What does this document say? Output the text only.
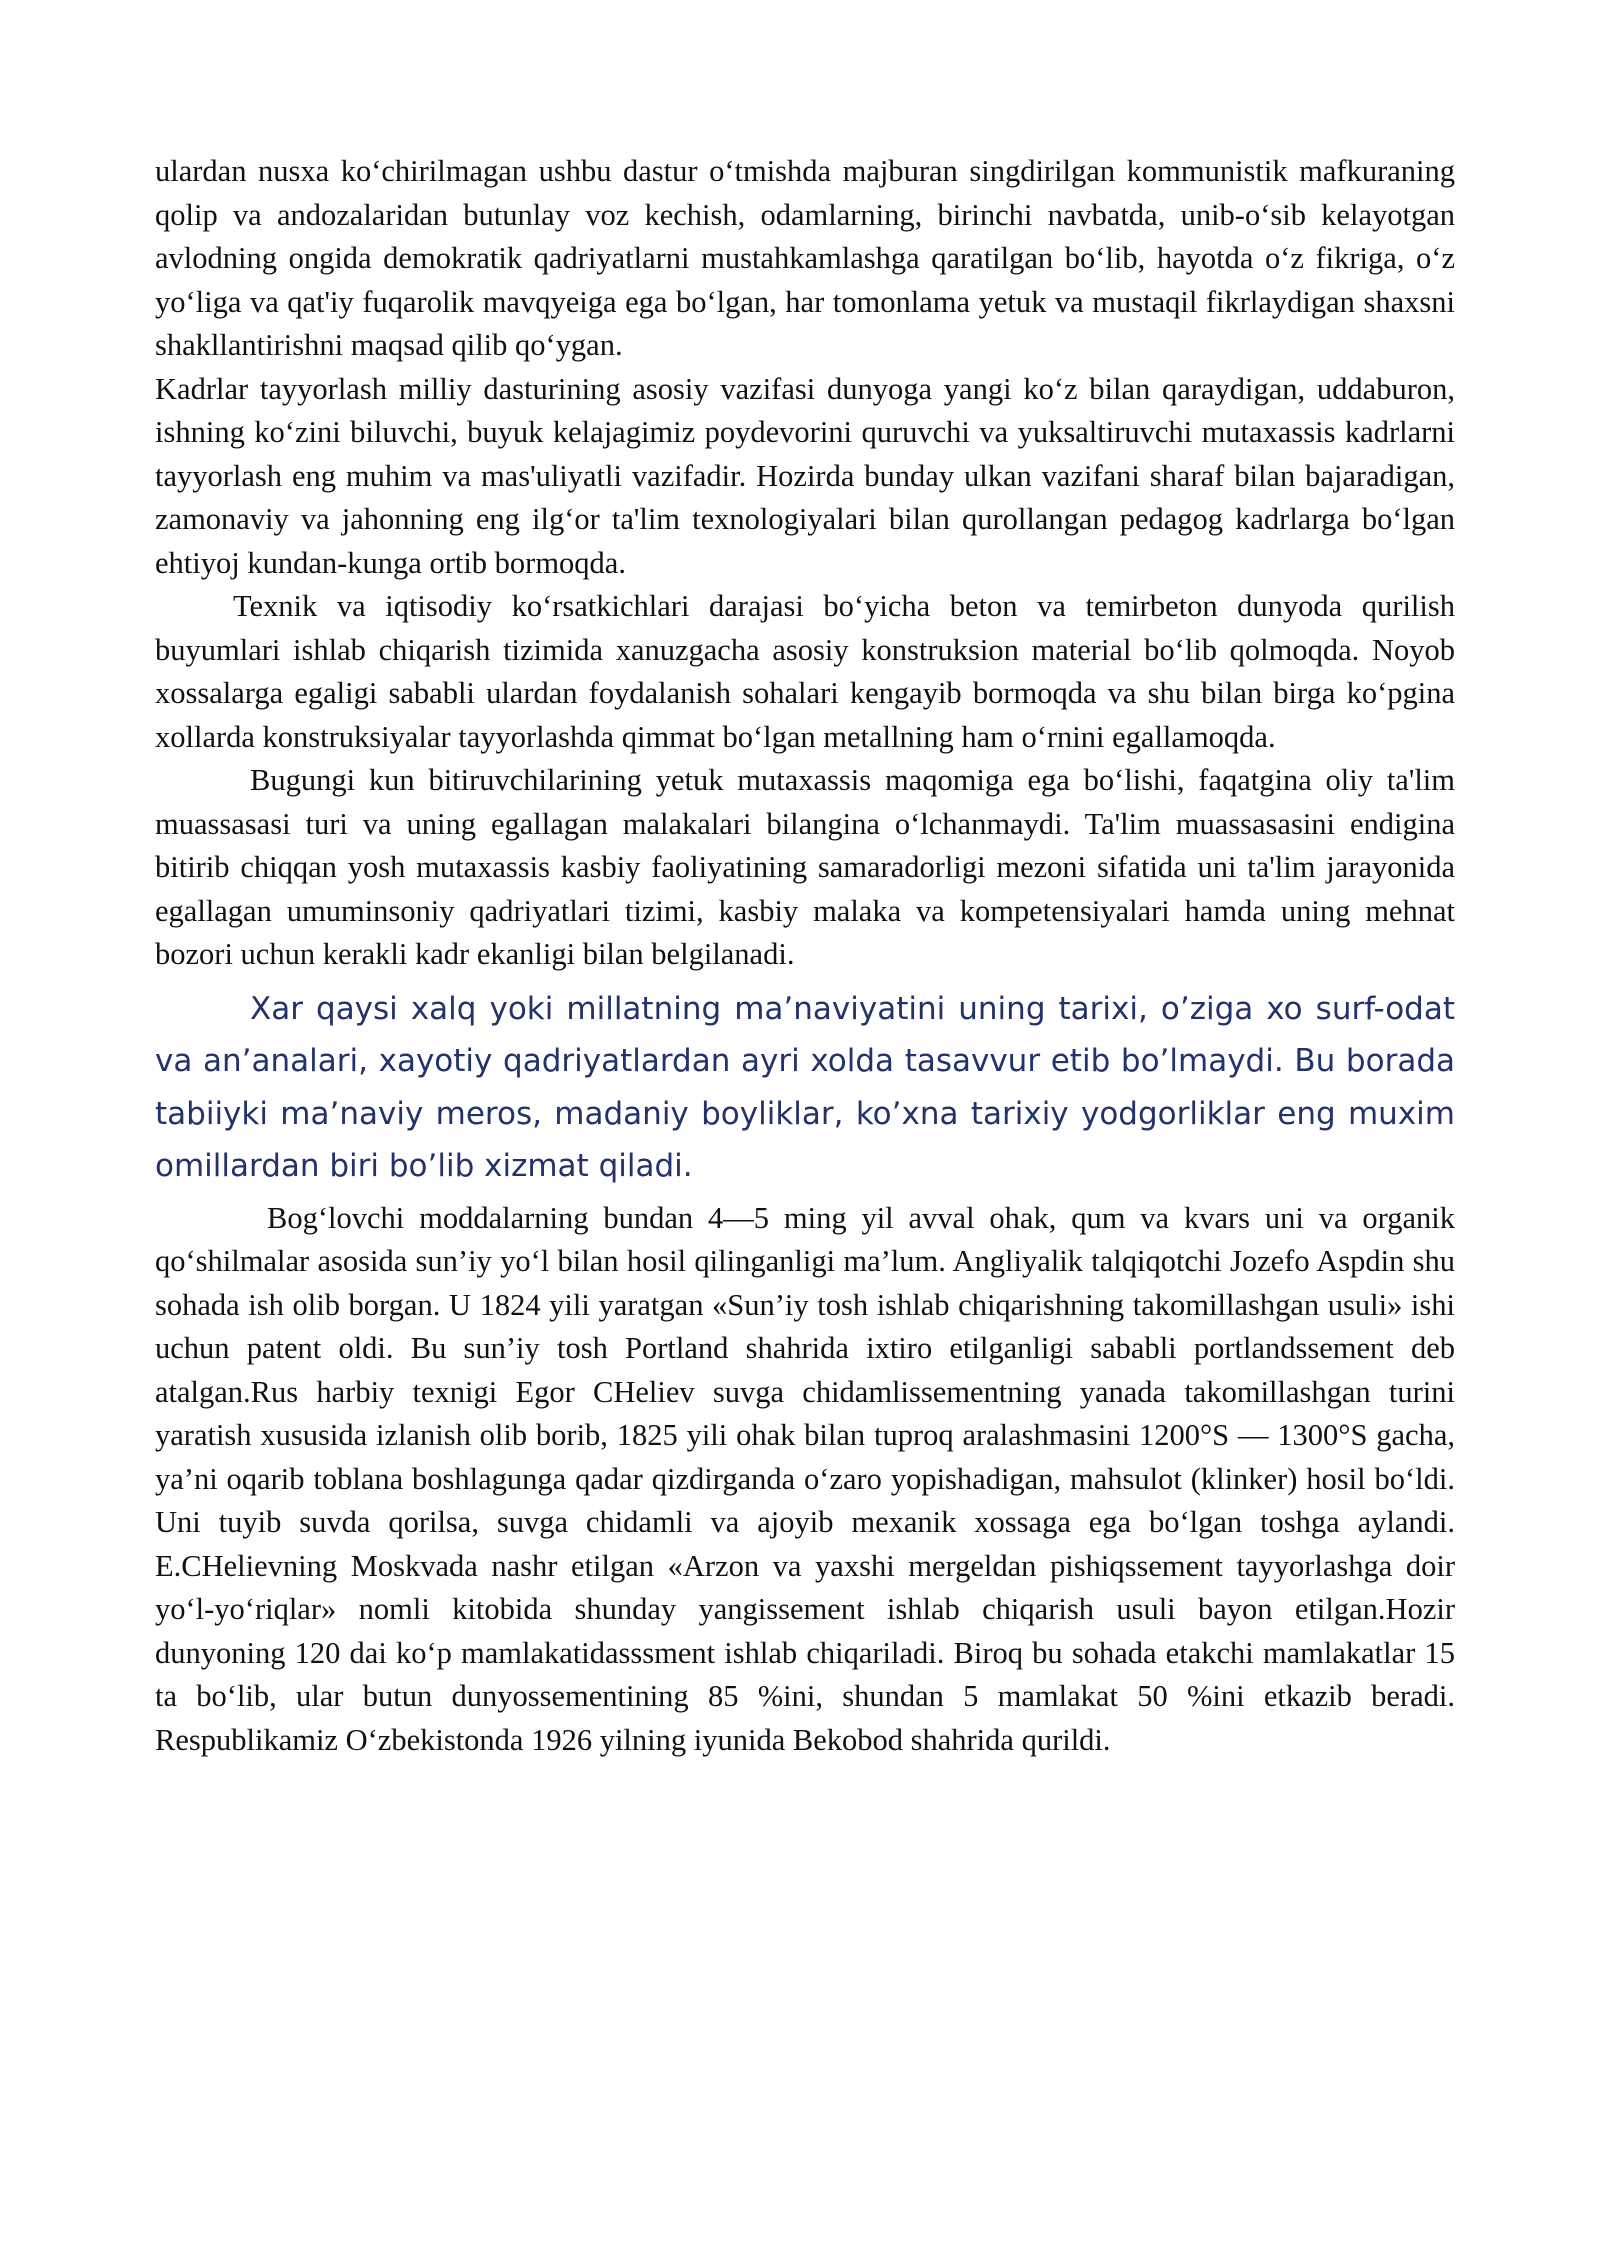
ulardan nusxa ko‘chirilmagan ushbu dastur o‘tmishda majburan singdirilgan kommunistik mafkuraning qolip va andozalaridan butunlay voz kechish, odamlarning, birinchi navbatda, unib-o‘sib kelayotgan avlodning ongida demokratik qadriyatlarni mustahkamlashga qaratilgan bo‘lib, hayotda o‘z fikriga, o‘z yo‘liga va qat'iy fuqarolik mavqyeiga ega bo‘lgan, har tomonlama yetuk va mustaqil fikrlaydigan shaxsni shakllantirishni maqsad qilib qo‘ygan.

Kadrlar tayyorlash milliy dasturining asosiy vazifasi dunyoga yangi ko‘z bilan qaraydigan, uddaburon, ishning ko‘zini biluvchi, buyuk kelajagimiz poydevorini quruvchi va yuksaltiruvchi mutaxassis kadrlarni tayyorlash eng muhim va mas'uliyatli vazifadir. Hozirda bunday ulkan vazifani sharaf bilan bajaradigan, zamonaviy va jahonning eng ilg‘or ta'lim texnologiyalari bilan qurollangan pedagog kadrlarga bo‘lgan ehtiyoj kundan-kunga ortib bormoqda.

Texnik va iqtisodiy ko‘rsatkichlari darajasi bo‘yicha beton va temirbeton dunyoda qurilish buyumlari ishlab chiqarish tizimida xanuzgacha asosiy konstruksion material bo‘lib qolmoqda. Noyob xossalarga egaligi sababli ulardan foydalanish sohalari kengayib bormoqda va shu bilan birga ko‘pgina xollarda konstruksiyalar tayyorlashda qimmat bo‘lgan metallning ham o‘rnini egallamoqda.

Bugungi kun bitiruvchilarining yetuk mutaxassis maqomiga ega bo‘lishi, faqatgina oliy ta'lim muassasasi turi va uning egallagan malakalari bilangina o‘lchanmaydi. Ta'lim muassasasini endigina bitirib chiqqan yosh mutaxassis kasbiy faoliyatining samaradorligi mezoni sifatida uni ta'lim jarayonida egallagan umuminsoniy qadriyatlari tizimi, kasbiy malaka va kompetensiyalari hamda uning mehnat bozori uchun kerakli kadr ekanligi bilan belgilanadi.

Xar qaysi xalq yoki millatning ma’naviyatini uning tarixi, o’ziga xo surf-odat va an’analari, xayotiy qadriyatlardan ayri xolda tasavvur etib bo’lmaydi. Bu borada tabiiyki ma’naviy meros, madaniy boyliklar, ko’xna tarixiy yodgorliklar eng muxim omillardan biri bo’lib xizmat qiladi.

Bog‘lovchi moddalarning bundan 4—5 ming yil avval ohak, qum va kvars uni va organik qo‘shilmalar asosida sun’iy yo‘l bilan hosil qilinganligi ma’lum. Angliyalik talqiqotchi Jozefo Aspdin shu sohada ish olib borgan. U 1824 yili yaratgan «Sun’iy tosh ishlab chiqarishning takomillashgan usuli» ishi uchun patent oldi. Bu sun’iy tosh Portland shahrida ixtiro etilganligi sababli portlandssement deb atalgan.Rus harbiy texnigi Egor CHeliev suvga chidamlissementning yanada takomillashgan turini yaratish xususida izlanish olib borib, 1825 yili ohak bilan tuproq aralashmasini 1200°S — 1300°S gacha, ya’ni oqarib toblana boshlagunga qadar qizdirganda o‘zaro yopishadigan, mahsulot (klinker) hosil bo‘ldi. Uni tuyib suvda qorilsa, suvga chidamli va ajoyib mexanik xossaga ega bo‘lgan toshga aylandi. E.CHelievning Moskvada nashr etilgan «Arzon va yaxshi mergeldan pishiqssement tayyorlashga doir yo‘l-yo‘riqlar» nomli kitobida shunday yangissement ishlab chiqarish usuli bayon etilgan.Hozir dunyoning 120 dai ko‘p mamlakatidasssment ishlab chiqariladi. Biroq bu sohada etakchi mamlakatlar 15 ta bo‘lib, ular butun dunyossementining 85 %ini, shundan 5 mamlakat 50 %ini etkazib beradi. Respublikamiz O‘zbekistonda 1926 yilning iyunida Bekobod shahrida qurildi.
